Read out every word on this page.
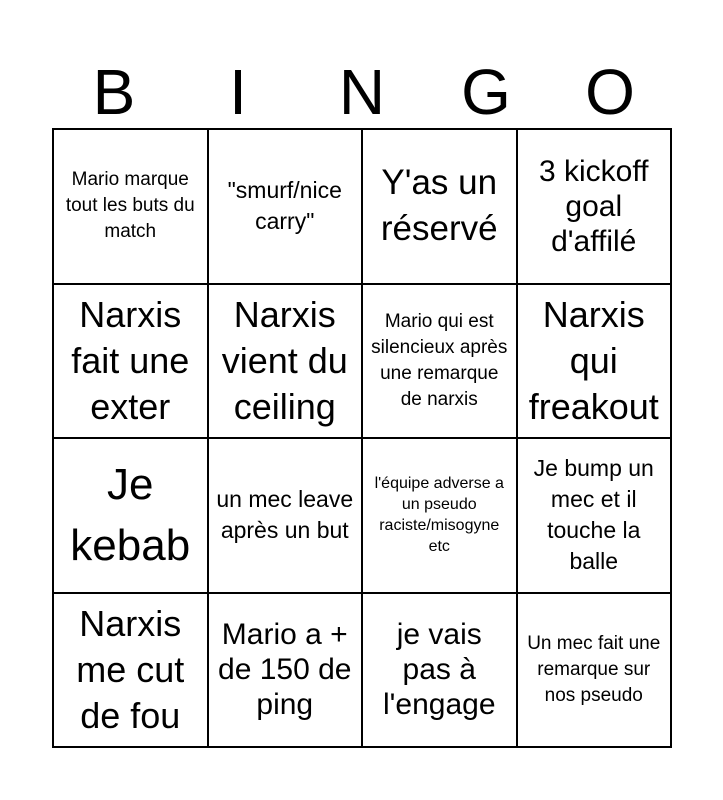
B	I	N	G	O
Mario marque tout les buts du match
"smurf/nice carry"
Y'as un réservé
3 kickoff goal d'affilé
Narxis fait une exter
Narxis vient du ceiling
Mario qui est silencieux après une remarque de narxis
Narxis qui freakout
Je kebab
un mec leave après un but
l'équipe adverse a un pseudo raciste/misogyne etc
Je bump un mec et il touche la balle
Narxis me cut de fou
Mario a + de 150 de ping
je vais pas à l'engage
Un mec fait une remarque sur nos pseudo
